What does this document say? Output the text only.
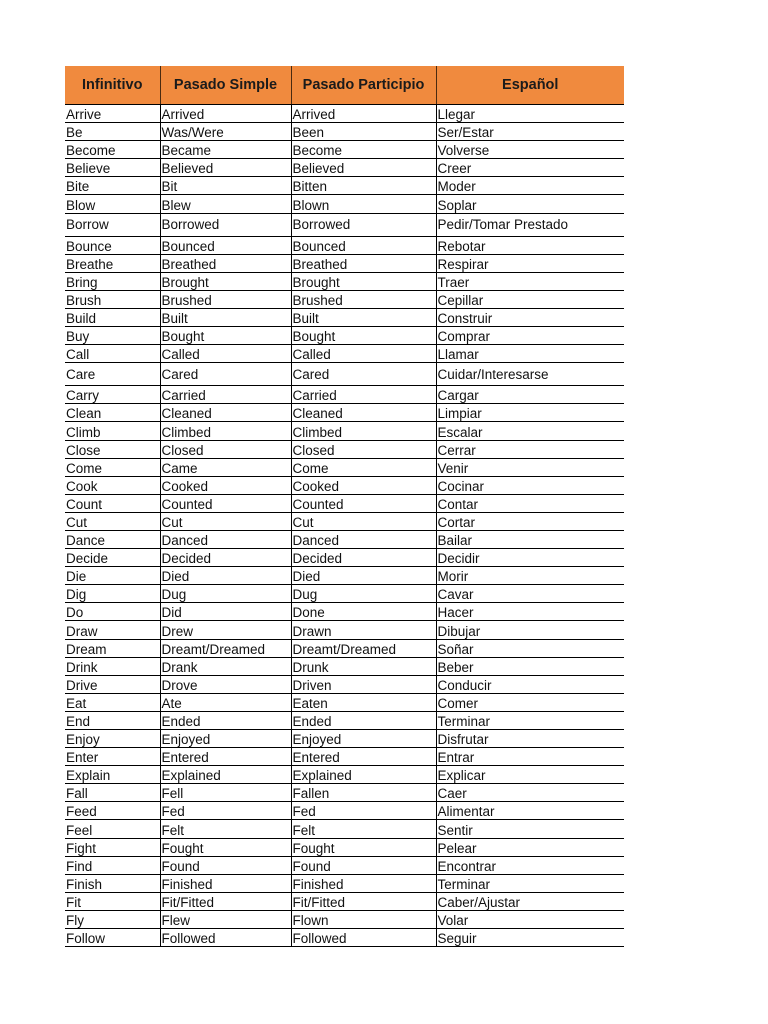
Infinitivo	Pasado Simple	Pasado Participio	Español
Arrive	Arrived	Arrived	Llegar
Be	Was/Were	Been	Ser/Estar
Become	Became	Become	Volverse
Believe	Believed	Believed	Creer
Bite	Bit	Bitten	Moder
Blow	Blew	Blown	Soplar
Borrow	Borrowed	Borrowed	Pedir/Tomar Prestado
Bounce	Bounced	Bounced	Rebotar
Breathe	Breathed	Breathed	Respirar
Bring	Brought	Brought	Traer
Brush	Brushed	Brushed	Cepillar
Build	Built	Built	Construir
Buy	Bought	Bought	Comprar
Call	Called	Called	Llamar
Care	Cared	Cared	Cuidar/Interesarse
Carry	Carried	Carried	Cargar
Clean	Cleaned	Cleaned	Limpiar
Climb	Climbed	Climbed	Escalar
Close	Closed	Closed	Cerrar
Come	Came	Come	Venir
Cook	Cooked	Cooked	Cocinar
Count	Counted	Counted	Contar
Cut	Cut	Cut	Cortar
Dance	Danced	Danced	Bailar
Decide	Decided	Decided	Decidir
Die	Died	Died	Morir
Dig	Dug	Dug	Cavar
Do	Did	Done	Hacer
Draw	Drew	Drawn	Dibujar
Dream	Dreamt/Dreamed	Dreamt/Dreamed	Soñar
Drink	Drank	Drunk	Beber
Drive	Drove	Driven	Conducir
Eat	Ate	Eaten	Comer
End	Ended	Ended	Terminar
Enjoy	Enjoyed	Enjoyed	Disfrutar
Enter	Entered	Entered	Entrar
Explain	Explained	Explained	Explicar
Fall	Fell	Fallen	Caer
Feed	Fed	Fed	Alimentar
Feel	Felt	Felt	Sentir
Fight	Fought	Fought	Pelear
Find	Found	Found	Encontrar
Finish	Finished	Finished	Terminar
Fit	Fit/Fitted	Fit/Fitted	Caber/Ajustar
Fly	Flew	Flown	Volar
Follow	Followed	Followed	Seguir
